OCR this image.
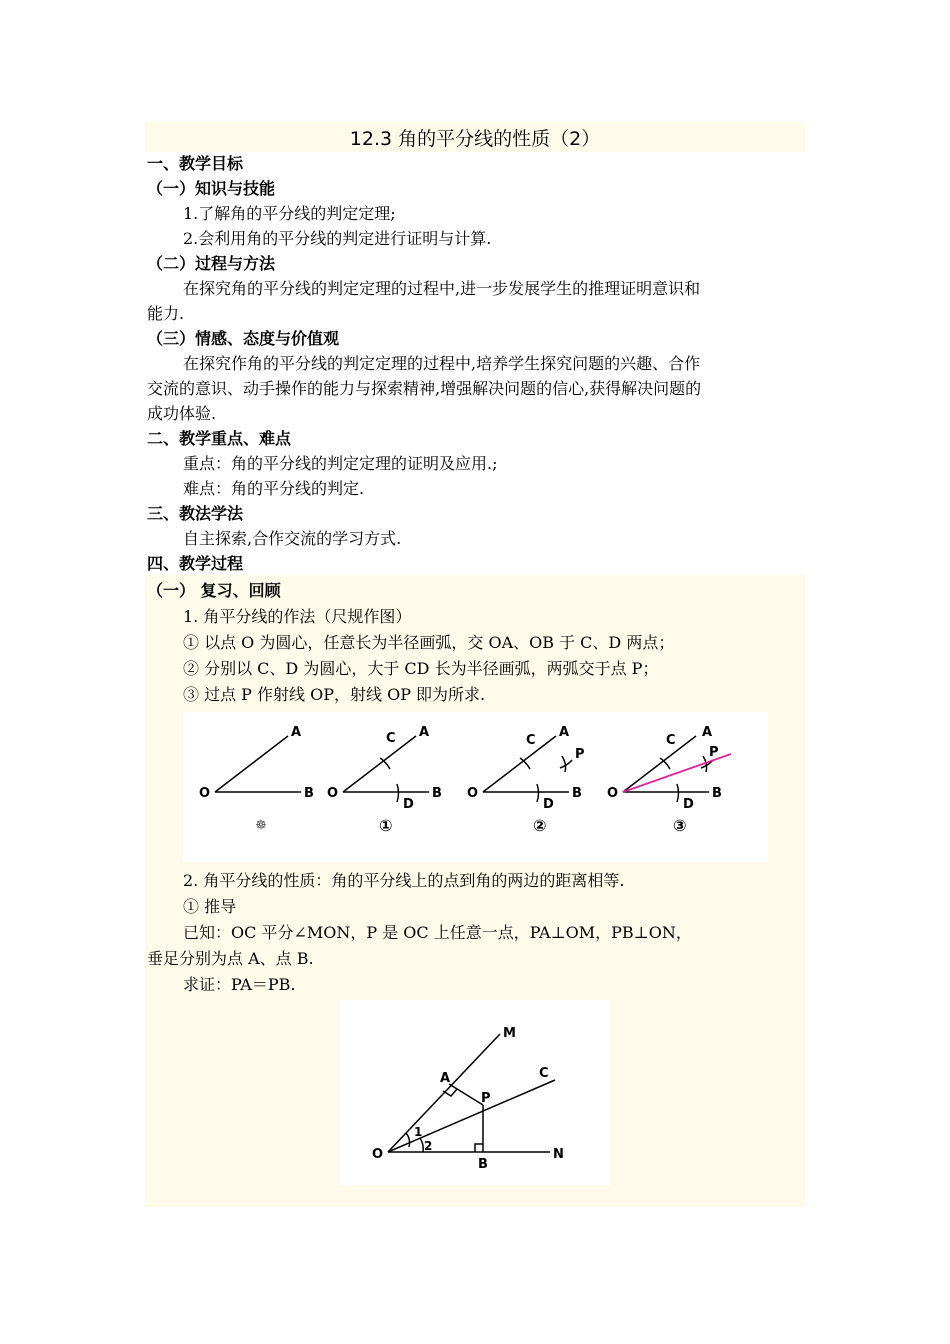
12.3 角的平分线的性质（2）
一、教学目标
（一）知识与技能
1.了解角的平分线的判定定理;
2.会利用角的平分线的判定进行证明与计算.
（二）过程与方法
在探究角的平分线的判定定理的过程中,进一步发展学生的推理证明意识和
能力.
（三）情感、态度与价值观
在探究作角的平分线的判定定理的过程中,培养学生探究问题的兴趣、合作
交流的意识、动手操作的能力与探索精神,增强解决问题的信心,获得解决问题的
成功体验.
二、教学重点、难点
重点：角的平分线的判定定理的证明及应用.;
难点：角的平分线的判定.
三、教法学法
自主探索,合作交流的学习方式.
四、教学过程
（一） 复习、回顾
1. 角平分线的作法（尺规作图）
① 以点 O 为圆心，任意长为半径画弧，交 OA、OB 于 C、D 两点；
② 分别以 C、D 为圆心，大于 CD 长为半径画弧，两弧交于点 P；
③ 过点 P 作射线 OP，射线 OP 即为所求.
O
A
B
☸
O
C A
D
B
①
O
C
A
P
D
B
②
O
C
A
P
D
B
③
2. 角平分线的性质：角的平分线上的点到角的两边的距离相等.
① 推导
已知：OC 平分∠MON，P 是 OC 上任意一点，PA⊥OM，PB⊥ON，
垂足分别为点 A、点 B.
求证：PA＝PB.
O
M
A	C
P
1
2
B
N
